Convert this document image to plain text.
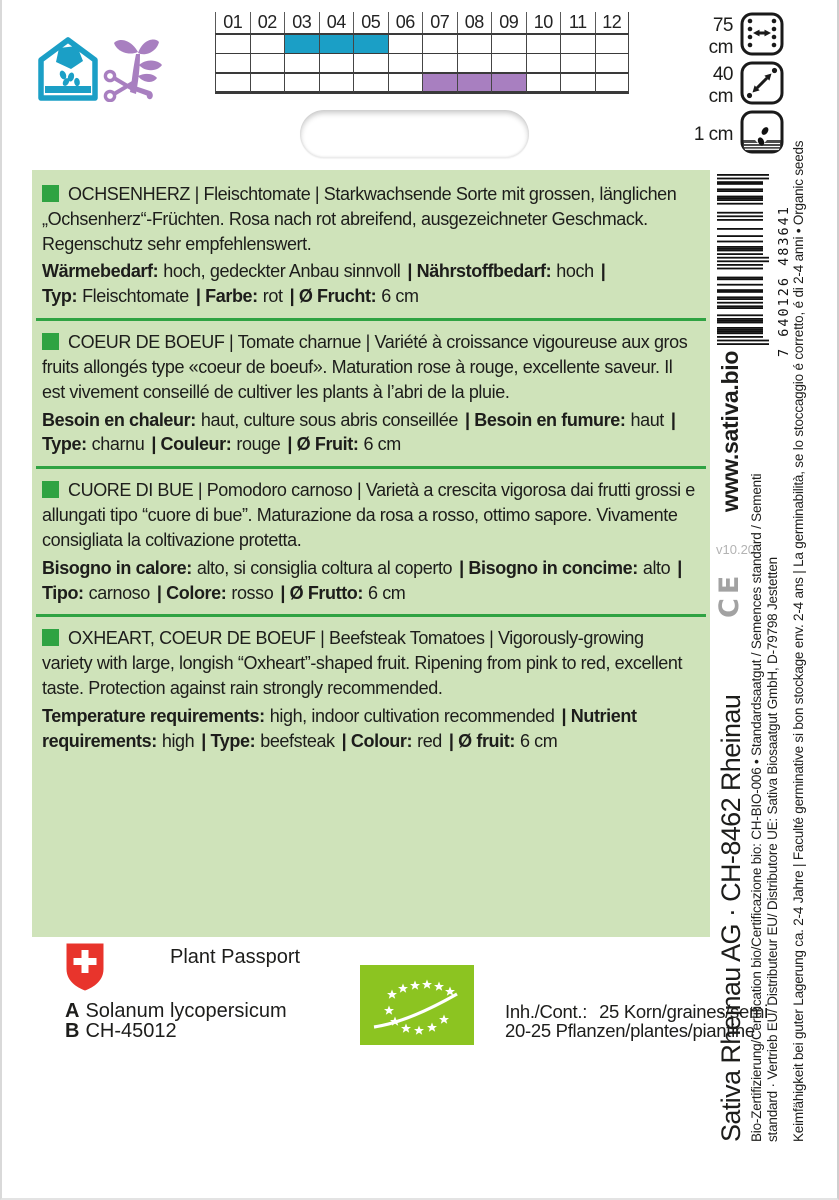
01 02 03 04 05 06 07 08 09 10 11 12	75 cm
40 cm
1 cm

OCHSENHERZ | Fleischtomate | Starkwachsende Sorte mit grossen, länglichen „Ochsenherz“-Früchten. Rosa nach rot abreifend, ausgezeichneter Geschmack. Regenschutz sehr empfehlenswert.

Wärmebedarf: hoch, gedeckter Anbau sinnvoll | Nährstoffbedarf: hoch | Typ: Fleischtomate | Farbe: rot | Ø Frucht: 6 cm

COEUR DE BOEUF | Tomate charnue | Variété à croissance vigoureuse aux gros fruits allongés type «coeur de boeuf». Maturation rose à rouge, excellente saveur. Il est vivement conseillé de cultiver les plants à l’abri de la pluie.

Besoin en chaleur: haut, culture sous abris conseillée | Besoin en fumure: haut | Type: charnu | Couleur: rouge | Ø Fruit: 6 cm

CUORE DI BUE | Pomodoro carnoso | Varietà a crescita vigorosa dai frutti grossi e allungati tipo “cuore di bue”. Maturazione da rosa a rosso, ottimo sapore. Vivamente consigliata la coltivazione protetta.

Bisogno in calore: alto, si consiglia coltura al coperto | Bisogno in concime: alto | Tipo: carnoso | Colore: rosso | Ø Frutto: 6 cm

OXHEART, COEUR DE BOEUF | Beefsteak Tomatoes | Vigorously-growing variety with large, longish “Oxheart”-shaped fruit. Ripening from pink to red, excellent taste. Protection against rain strongly recommended.

Temperature requirements: high, indoor cultivation recommended | Nutrient requirements: high | Type: beefsteak | Colour: red | Ø fruit: 6 cm

Plant Passport
A Solanum lycopersicum
B CH-45012
Inh./Cont.: 25 Korn/graines/semi
20-25 Pflanzen/plantes/piantine
v10.20
Sativa Rheinau AG · CH-8462 Rheinau Bio-Zertifizierung/Certification bio/Certificazione bio: CH-BIO-006 • Standardsaatgut / Semences standard / Sementi standard · Vertrieb EU/ Distributeur EU/ Distributore UE: Sativa Biosaatgut GmbH, D-79798 Jestetten Keimfähigkeit bei guter Lagerung ca. 2-4 Jahre | Faculté germinative si bon stockage env. 2-4 ans | La germinabilità, se lo stoccaggio é corretto, é di 2-4 anni • Organic seeds
www.sativa.bio
CE
7 640126 483641
